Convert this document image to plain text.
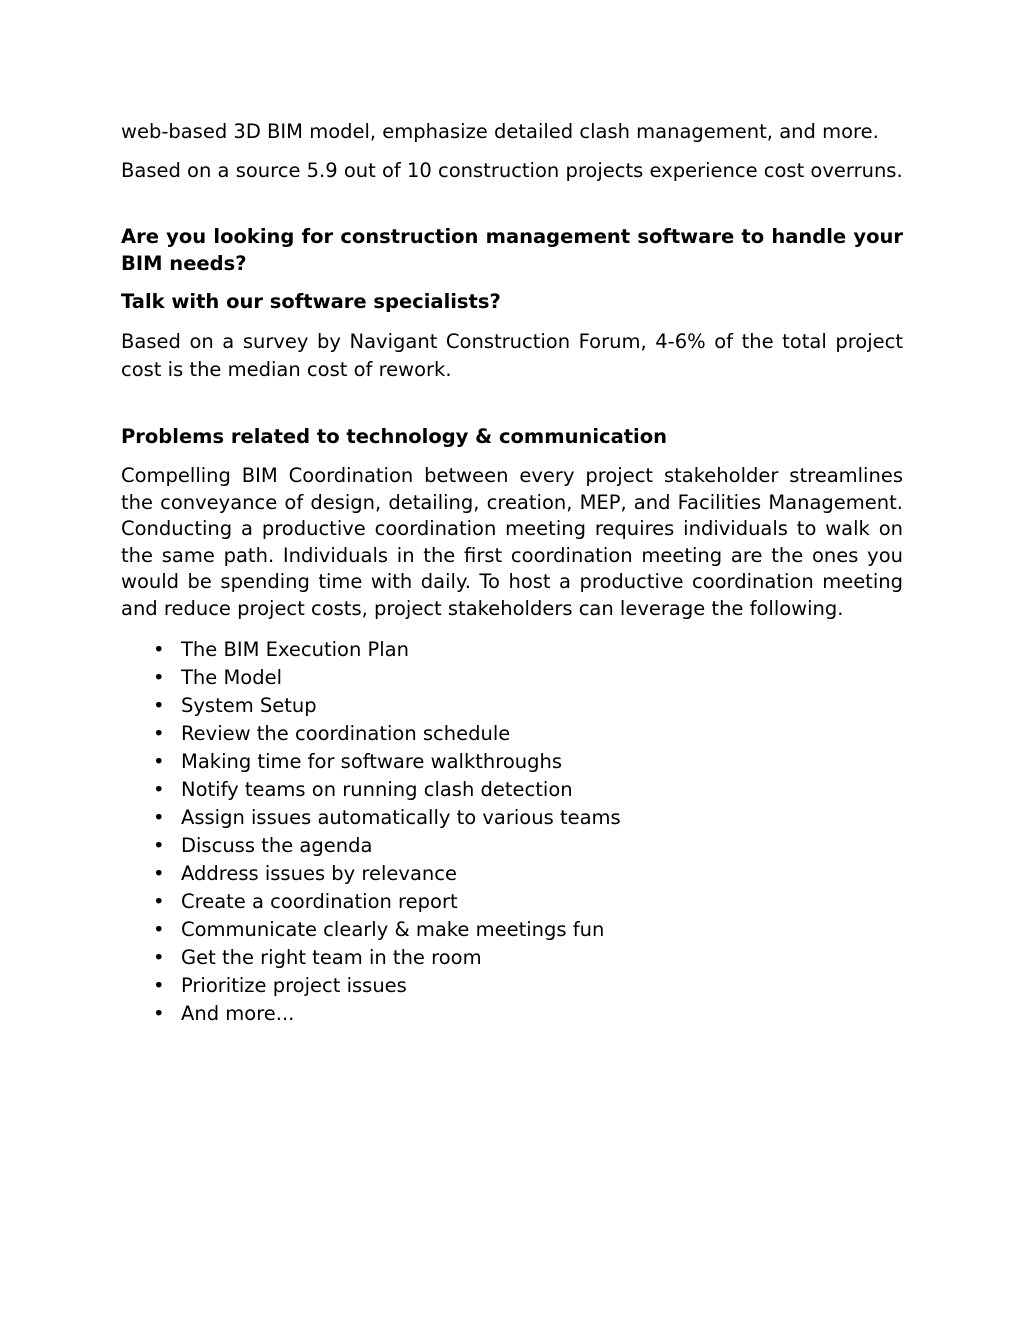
web-based 3D BIM model, emphasize detailed clash management, and more.

Based on a source 5.9 out of 10 construction projects experience cost overruns.

Are you looking for construction management software to handle your BIM needs?

Talk with our software specialists?

Based on a survey by Navigant Construction Forum, 4-6% of the total project cost is the median cost of rework.

Problems related to technology & communication

Compelling BIM Coordination between every project stakeholder streamlines the conveyance of design, detailing, creation, MEP, and Facilities Management. Conducting a productive coordination meeting requires individuals to walk on the same path. Individuals in the first coordination meeting are the ones you would be spending time with daily. To host a productive coordination meeting and reduce project costs, project stakeholders can leverage the following.

• The BIM Execution Plan
• The Model
• System Setup
• Review the coordination schedule
• Making time for software walkthroughs
• Notify teams on running clash detection
• Assign issues automatically to various teams
• Discuss the agenda
• Address issues by relevance
• Create a coordination report
• Communicate clearly & make meetings fun
• Get the right team in the room
• Prioritize project issues
• And more...
